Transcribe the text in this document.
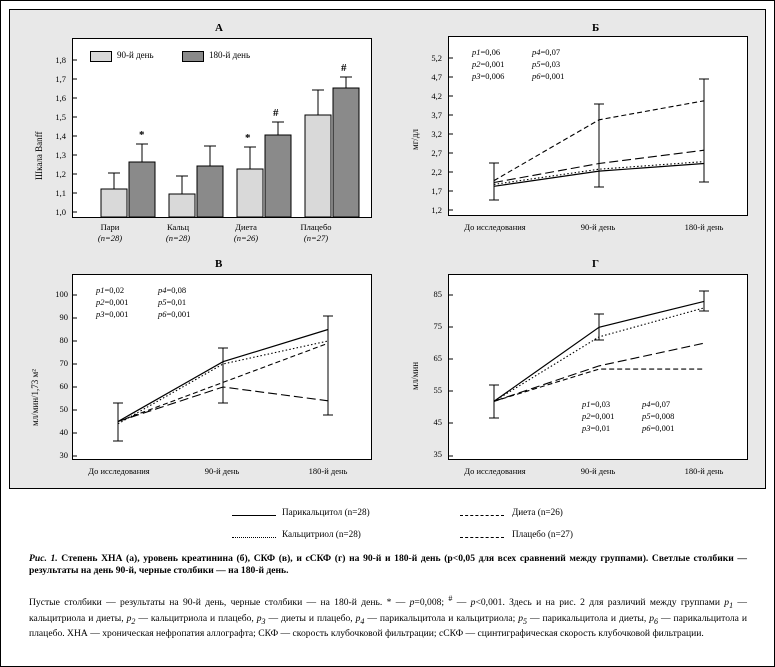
А
Шкала Banff
1,8
1,7
1,6
1,5
1,4
1,3
1,2
1,1
1,0
*	*
#
#
90-й день	180-й день
Пари
(n=28)
Кальц
(n=28)
Диета
(n=26)
Плацебо
(n=27)
Б
мг/дл
5,2
4,7
4,2
3,7
3,2
2,7
2,2
1,7
1,2
p1=0,06	p4=0,07
p2=0,001	p5=0,03
p3=0,006	p6=0,001
До исследования	90-й день	180-й день
В
мл/мин/1,73 м²
100
90
80
70
60
50
40
30
p1=0,02	p4=0,08
p2=0,001	p5=0,01
p3=0,001	p6=0,001
До исследования	90-й день	180-й день
Г
мл/мин
85
75
65
55
45
35
p1=0,03	p4=0,07
p2=0,001	p5=0,008
p3=0,01	p6=0,001
До исследования	90-й день	180-й день
Парикальцитол (n=28)	Диета (n=26)
Кальцитриол (n=28)	Плацебо (n=27)
Рис. 1. Степень ХНА (а), уровень креатинина (б), СКФ (в), и сСКФ (г) на 90-й и 180-й день (p<0,05 для всех сравнений между группами). Светлые столбики — результаты на день 90-й, черные столбики — на 180-й день.
Пустые столбики — результаты на 90-й день, черные столбики — на 180-й день. * — p=0,008; # — p<0,001. Здесь и на рис. 2 для различий между группами $p_1$ — кальцитриола и диеты, $p_2$ — кальцитриола и плацебо, $p_3$ — диеты и плацебо, $p_4$ — парикальцитола и кальцитриола; $p_5$ — парикальцитола и диеты, $p_6$ — парикальцитола и плацебо. ХНА — хроническая нефропатия аллографта; СКФ — скорость клубочковой фильтрации; сСКФ — сцинтиграфическая скорость клубочковой фильтрации.
